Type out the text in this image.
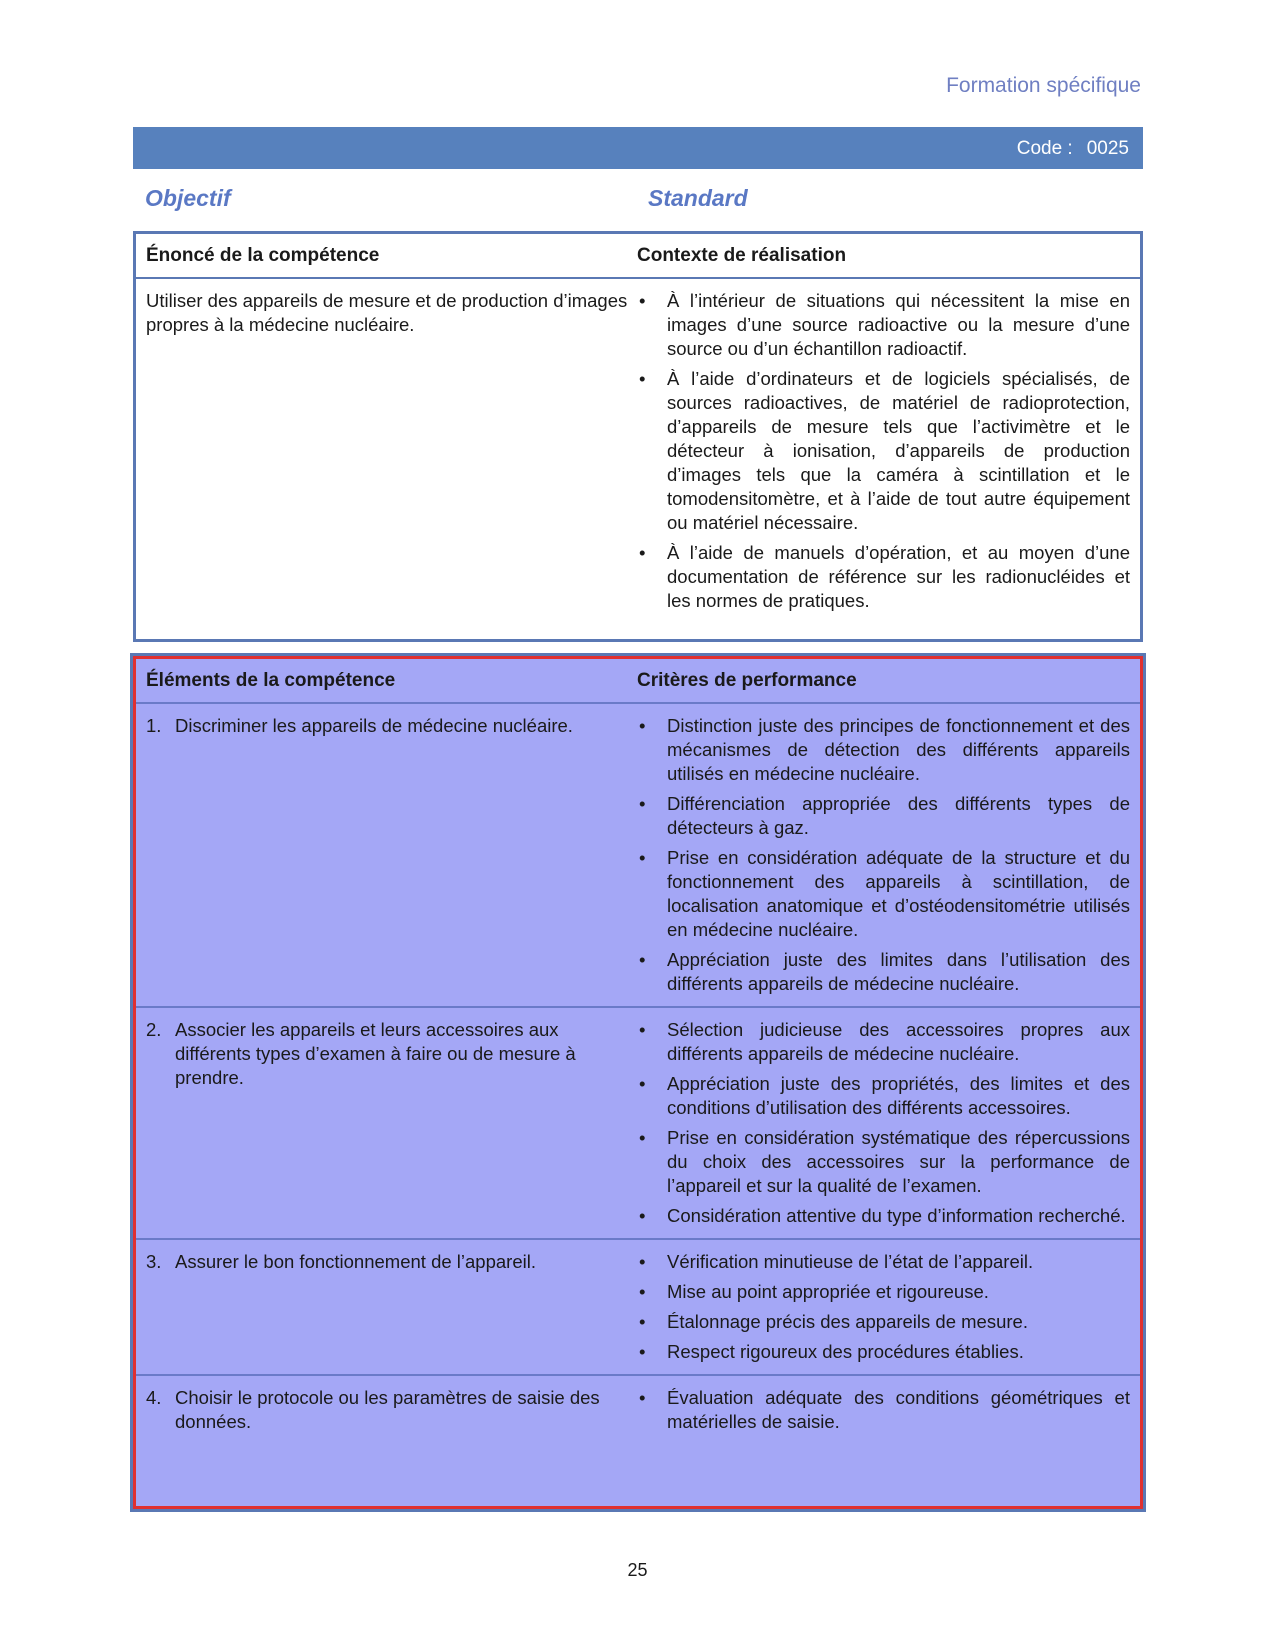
Formation spécifique
Code : 0025
Objectif	Standard
Énoncé de la compétence	Contexte de réalisation
Utiliser des appareils de mesure et de production d’images propres à la médecine nucléaire.
• À l’intérieur de situations qui nécessitent la mise en images d’une source radioactive ou la mesure d’une source ou d’un échantillon radioactif.
• À l’aide d’ordinateurs et de logiciels spécialisés, de sources radioactives, de matériel de radioprotection, d’appareils de mesure tels que l’activimètre et le détecteur à ionisation, d’appareils de production d’images tels que la caméra à scintillation et le tomodensitomètre, et à l’aide de tout autre équipement ou matériel nécessaire.
• À l’aide de manuels d’opération, et au moyen d’une documentation de référence sur les radionucléides et les normes de pratiques.
Éléments de la compétence	Critères de performance
1. Discriminer les appareils de médecine nucléaire.	• Distinction juste des principes de fonctionnement et des mécanismes de détection des différents appareils utilisés en médecine nucléaire.
• Différenciation appropriée des différents types de détecteurs à gaz.
• Prise en considération adéquate de la structure et du fonctionnement des appareils à scintillation, de localisation anatomique et d’ostéodensitométrie utilisés en médecine nucléaire.
• Appréciation juste des limites dans l’utilisation des différents appareils de médecine nucléaire.
2. Associer les appareils et leurs accessoires aux différents types d’examen à faire ou de mesure à prendre.
• Sélection judicieuse des accessoires propres aux différents appareils de médecine nucléaire.
• Appréciation juste des propriétés, des limites et des conditions d’utilisation des différents accessoires.
• Prise en considération systématique des répercussions du choix des accessoires sur la performance de l’appareil et sur la qualité de l’examen.
• Considération attentive du type d’information recherché.
3. Assurer le bon fonctionnement de l’appareil.	• Vérification minutieuse de l’état de l’appareil.
• Mise au point appropriée et rigoureuse.
• Étalonnage précis des appareils de mesure.
• Respect rigoureux des procédures établies.
4. Choisir le protocole ou les paramètres de saisie des données.
• Évaluation adéquate des conditions géométriques et matérielles de saisie.
25
